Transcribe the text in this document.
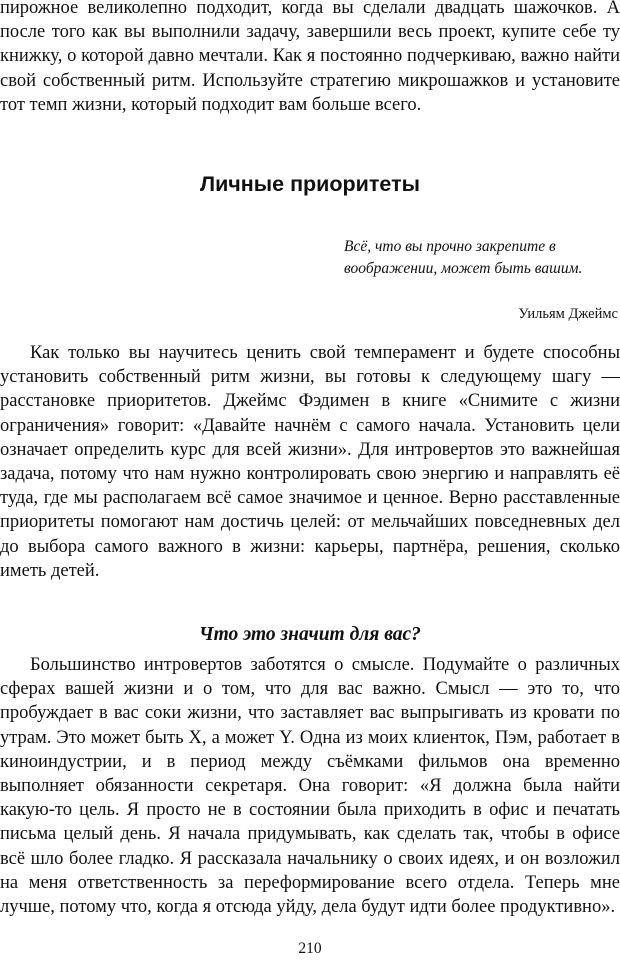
пирожное великолепно подходит, когда вы сделали двадцать шажочков. А после того как вы выполнили задачу, завершили весь проект, купите себе ту книжку, о которой давно мечтали. Как я постоянно подчеркиваю, важно найти свой собственный ритм. Используйте стратегию микрошажков и установите тот темп жизни, который подходит вам больше всего.

Личные приоритеты

Всё, что вы прочно закрепите в воображении, может быть вашим.

Уильям Джеймс

Как только вы научитесь ценить свой темперамент и будете способны установить собственный ритм жизни, вы готовы к следующему шагу — расстановке приоритетов. Джеймс Фэдимен в книге «Снимите с жизни ограничения» говорит: «Давайте начнём с самого начала. Установить цели означает определить курс для всей жизни». Для интровертов это важнейшая задача, потому что нам нужно контролировать свою энергию и направлять её туда, где мы располагаем всё самое значимое и ценное. Верно расставленные приоритеты помогают нам достичь целей: от мельчайших повседневных дел до выбора самого важного в жизни: карьеры, партнёра, решения, сколько иметь детей.

Что это значит для вас?

Большинство интровертов заботятся о смысле. Подумайте о различных сферах вашей жизни и о том, что для вас важно. Смысл — это то, что пробуждает в вас соки жизни, что заставляет вас выпрыгивать из кровати по утрам. Это может быть X, а может Y. Одна из моих клиенток, Пэм, работает в киноиндустрии, и в период между съёмками фильмов она временно выполняет обязанности секретаря. Она говорит: «Я должна была найти какую-то цель. Я просто не в состоянии была приходить в офис и печатать письма целый день. Я начала придумывать, как сделать так, чтобы в офисе всё шло более гладко. Я рассказала начальнику о своих идеях, и он возложил на меня ответственность за переформирование всего отдела. Теперь мне лучше, потому что, когда я отсюда уйду, дела будут идти более продуктивно».

210
